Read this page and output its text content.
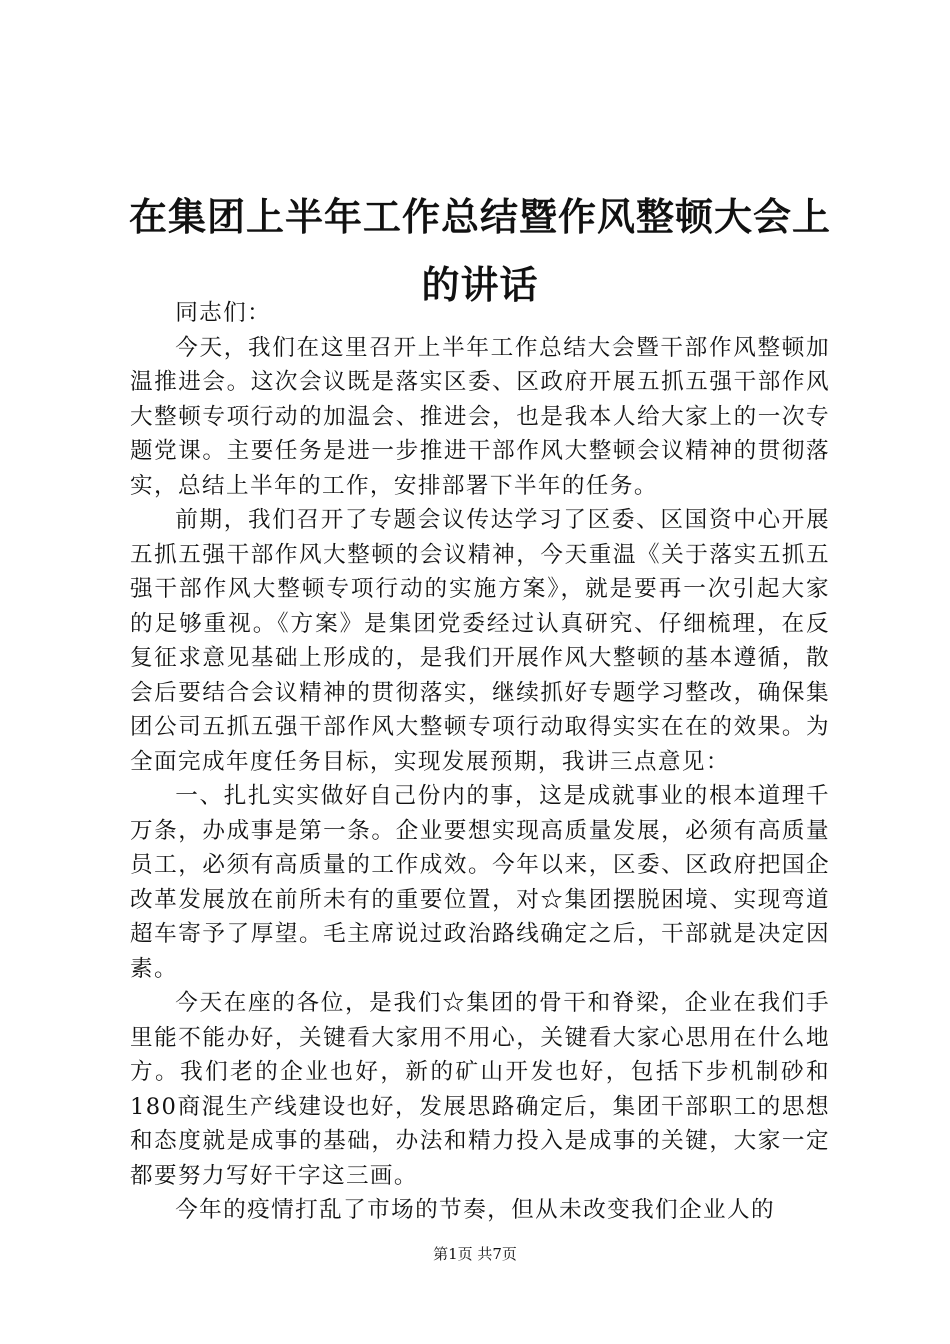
在集团上半年工作总结暨作风整顿大会上的讲话

同志们：

今天，我们在这里召开上半年工作总结大会暨干部作风整顿加温推进会。这次会议既是落实区委、区政府开展五抓五强干部作风大整顿专项行动的加温会、推进会，也是我本人给大家上的一次专题党课。主要任务是进一步推进干部作风大整顿会议精神的贯彻落实，总结上半年的工作，安排部署下半年的任务。

前期，我们召开了专题会议传达学习了区委、区国资中心开展五抓五强干部作风大整顿的会议精神，今天重温《关于落实五抓五强干部作风大整顿专项行动的实施方案》，就是要再一次引起大家的足够重视。《方案》是集团党委经过认真研究、仔细梳理，在反复征求意见基础上形成的，是我们开展作风大整顿的基本遵循，散会后要结合会议精神的贯彻落实，继续抓好专题学习整改，确保集团公司五抓五强干部作风大整顿专项行动取得实实在在的效果。为全面完成年度任务目标，实现发展预期，我讲三点意见：

一、扎扎实实做好自己份内的事，这是成就事业的根本道理千万条，办成事是第一条。企业要想实现高质量发展，必须有高质量员工，必须有高质量的工作成效。今年以来，区委、区政府把国企改革发展放在前所未有的重要位置，对☆集团摆脱困境、实现弯道超车寄予了厚望。毛主席说过政治路线确定之后，干部就是决定因素。

今天在座的各位，是我们☆集团的骨干和脊梁，企业在我们手里能不能办好，关键看大家用不用心，关键看大家心思用在什么地方。我们老的企业也好，新的矿山开发也好，包括下步机制砂和180商混生产线建设也好，发展思路确定后，集团干部职工的思想和态度就是成事的基础，办法和精力投入是成事的关键，大家一定都要努力写好干字这三画。

今年的疫情打乱了市场的节奏，但从未改变我们企业人的

第1页 共7页
